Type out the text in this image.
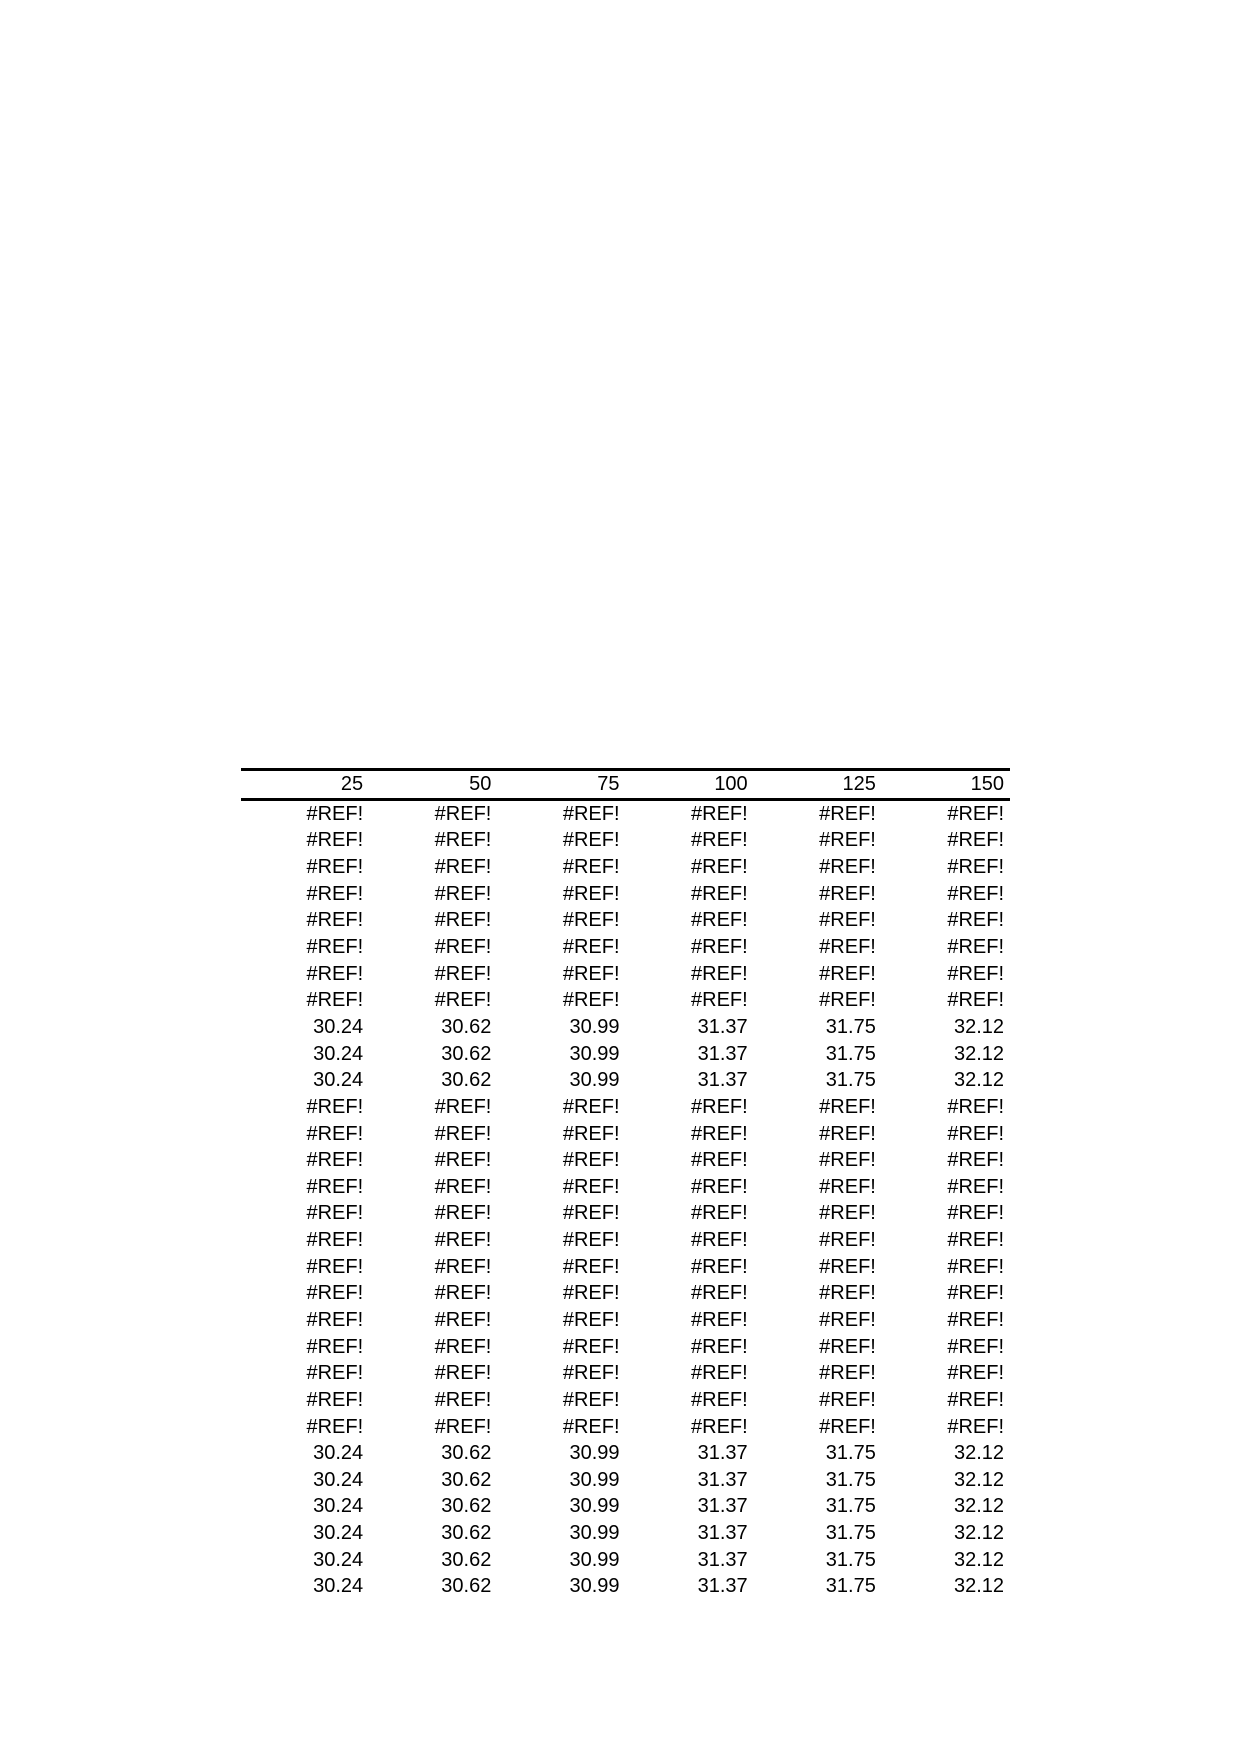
25	50	75	100	125	150
#REF!	#REF!	#REF!	#REF!	#REF!	#REF!
#REF!	#REF!	#REF!	#REF!	#REF!	#REF!
#REF!	#REF!	#REF!	#REF!	#REF!	#REF!
#REF!	#REF!	#REF!	#REF!	#REF!	#REF!
#REF!	#REF!	#REF!	#REF!	#REF!	#REF!
#REF!	#REF!	#REF!	#REF!	#REF!	#REF!
#REF!	#REF!	#REF!	#REF!	#REF!	#REF!
#REF!	#REF!	#REF!	#REF!	#REF!	#REF!
30.24	30.62	30.99	31.37	31.75	32.12
30.24	30.62	30.99	31.37	31.75	32.12
30.24	30.62	30.99	31.37	31.75	32.12
#REF!	#REF!	#REF!	#REF!	#REF!	#REF!
#REF!	#REF!	#REF!	#REF!	#REF!	#REF!
#REF!	#REF!	#REF!	#REF!	#REF!	#REF!
#REF!	#REF!	#REF!	#REF!	#REF!	#REF!
#REF!	#REF!	#REF!	#REF!	#REF!	#REF!
#REF!	#REF!	#REF!	#REF!	#REF!	#REF!
#REF!	#REF!	#REF!	#REF!	#REF!	#REF!
#REF!	#REF!	#REF!	#REF!	#REF!	#REF!
#REF!	#REF!	#REF!	#REF!	#REF!	#REF!
#REF!	#REF!	#REF!	#REF!	#REF!	#REF!
#REF!	#REF!	#REF!	#REF!	#REF!	#REF!
#REF!	#REF!	#REF!	#REF!	#REF!	#REF!
#REF!	#REF!	#REF!	#REF!	#REF!	#REF!
30.24	30.62	30.99	31.37	31.75	32.12
30.24	30.62	30.99	31.37	31.75	32.12
30.24	30.62	30.99	31.37	31.75	32.12
30.24	30.62	30.99	31.37	31.75	32.12
30.24	30.62	30.99	31.37	31.75	32.12
30.24	30.62	30.99	31.37	31.75	32.12
